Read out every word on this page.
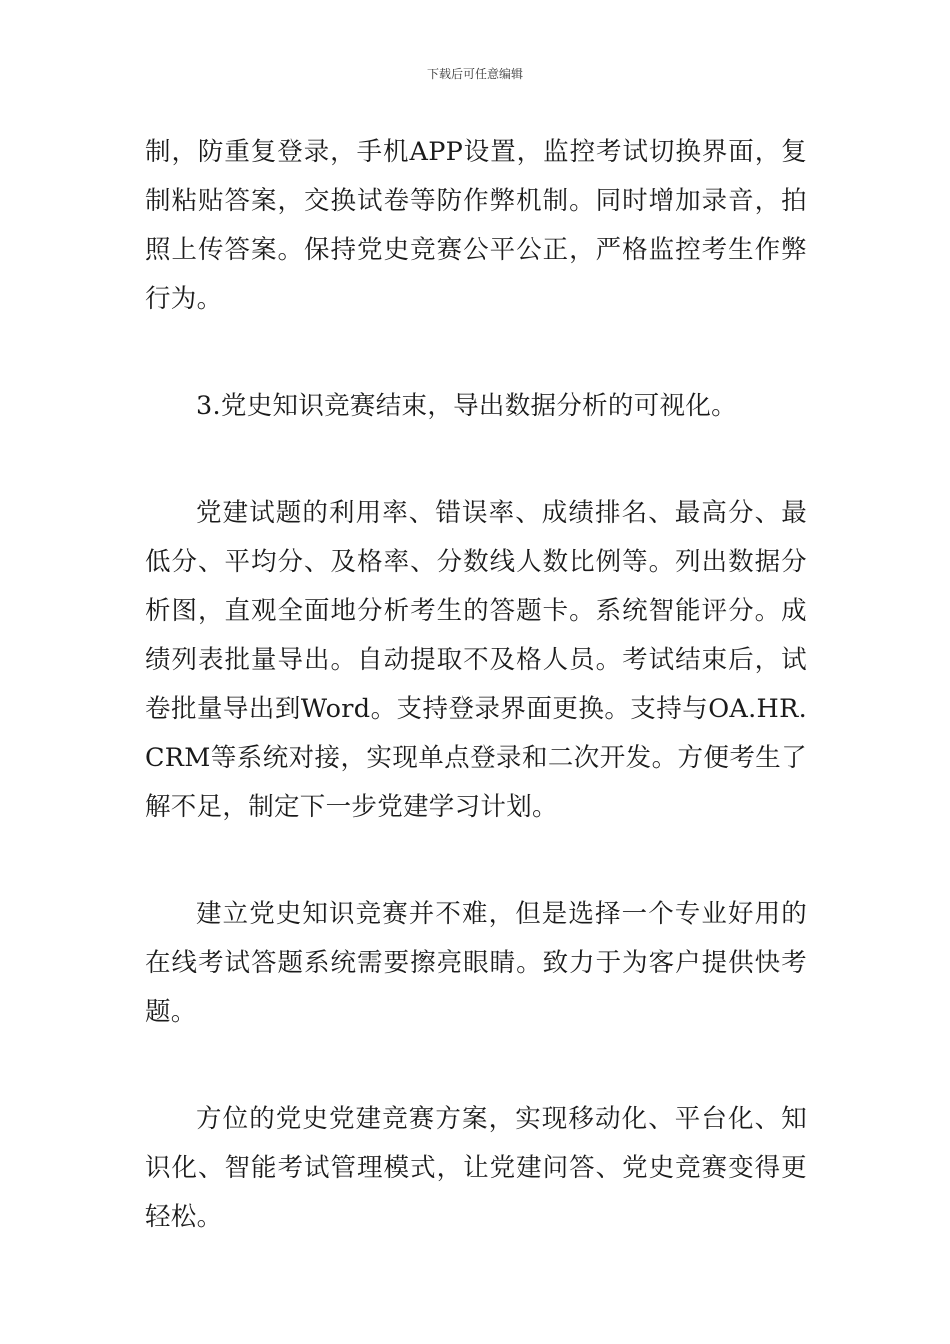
下载后可任意编辑

制，防重复登录，手机APP设置，监控考试切换界面，复制粘贴答案，交换试卷等防作弊机制。同时增加录音，拍照上传答案。保持党史竞赛公平公正，严格监控考生作弊行为。

3.党史知识竞赛结束，导出数据分析的可视化。

党建试题的利用率、错误率、成绩排名、最高分、最低分、平均分、及格率、分数线人数比例等。列出数据分析图，直观全面地分析考生的答题卡。系统智能评分。成绩列表批量导出。自动提取不及格人员。考试结束后，试卷批量导出到Word。支持登录界面更换。支持与OA.HR.CRM等系统对接，实现单点登录和二次开发。方便考生了解不足，制定下一步党建学习计划。

建立党史知识竞赛并不难，但是选择一个专业好用的在线考试答题系统需要擦亮眼睛。致力于为客户提供快考题。

方位的党史党建竞赛方案，实现移动化、平台化、知识化、智能考试管理模式，让党建问答、党史竞赛变得更轻松。
